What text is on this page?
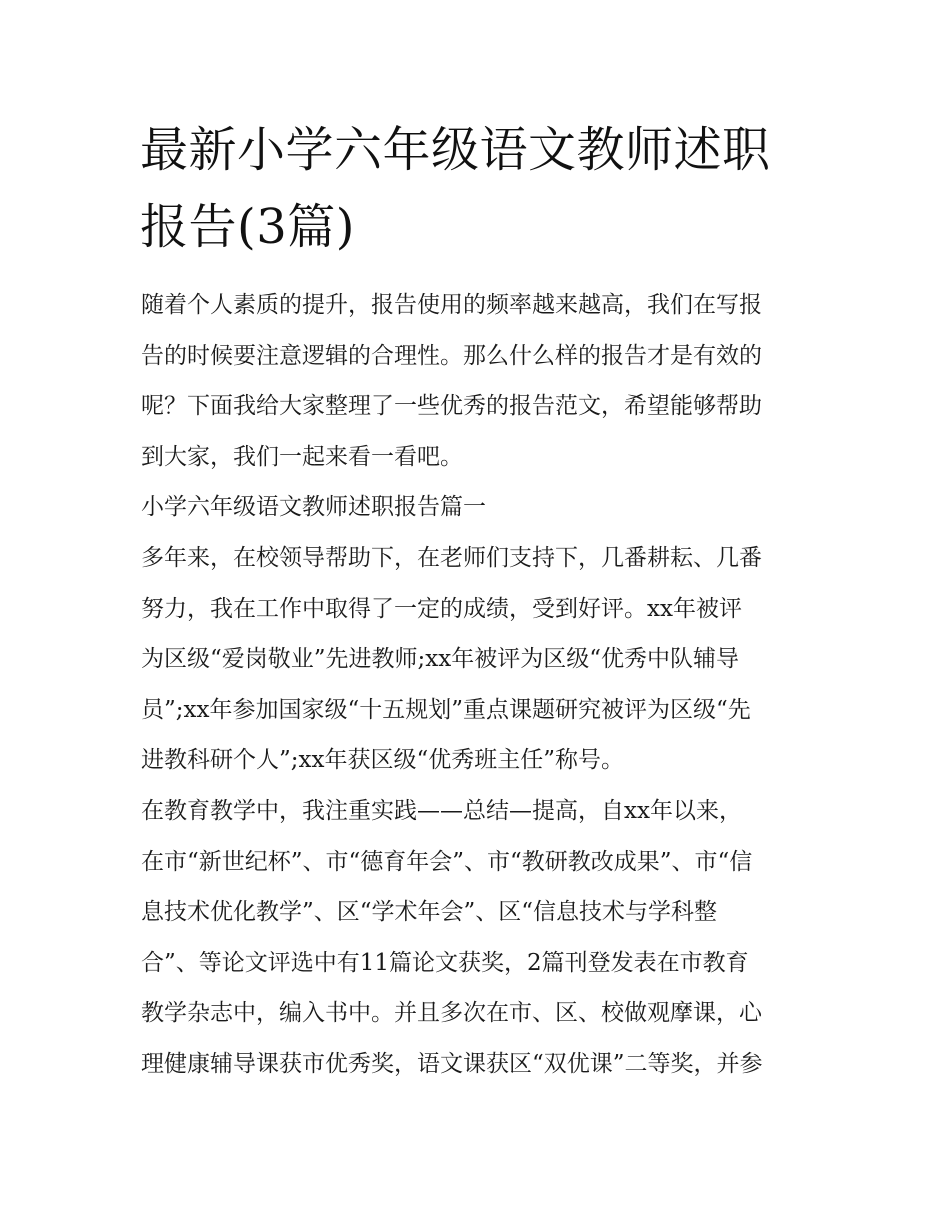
最新小学六年级语文教师述职
报告(3篇)
随着个人素质的提升，报告使用的频率越来越高，我们在写报
告的时候要注意逻辑的合理性。那么什么样的报告才是有效的
呢？下面我给大家整理了一些优秀的报告范文，希望能够帮助
到大家，我们一起来看一看吧。
小学六年级语文教师述职报告篇一
多年来，在校领导帮助下，在老师们支持下，几番耕耘、几番
努力，我在工作中取得了一定的成绩，受到好评。xx年被评
为区级“爱岗敬业”先进教师;xx年被评为区级“优秀中队辅导
员”;xx年参加国家级“十五规划”重点课题研究被评为区级“先
进教科研个人”;xx年获区级“优秀班主任”称号。
在教育教学中，我注重实践——总结—提高，自xx年以来，
在市“新世纪杯”、市“德育年会”、市“教研教改成果”、市“信
息技术优化教学”、区“学术年会”、区“信息技术与学科整
合”、等论文评选中有11篇论文获奖，2篇刊登发表在市教育
教学杂志中，编入书中。并且多次在市、区、校做观摩课，心
理健康辅导课获市优秀奖，语文课获区“双优课”二等奖，并参
